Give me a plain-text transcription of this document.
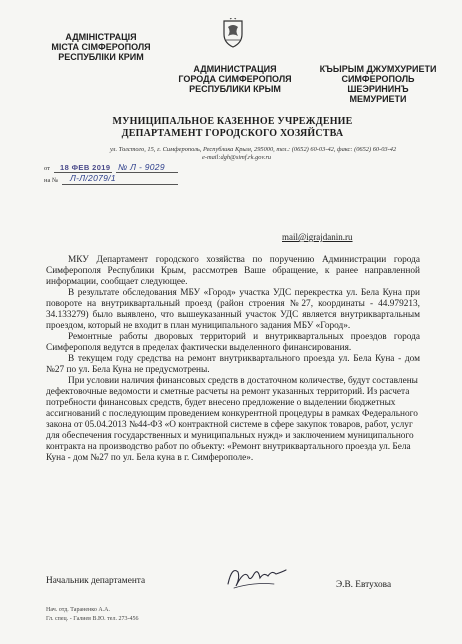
АДМІНІСТРАЦІЯ
МІСТА СІМФЕРОПОЛЯ
РЕСПУБЛІКИ КРИМ
АДМИНИСТРАЦИЯ
ГОРОДА СИМФЕРОПОЛЯ
РЕСПУБЛИКИ КРЫМ
КЪЫРЫМ ДЖУМХУРИЕТИ
СИМФЕРОПОЛЬ
ШЕЭРИНИНЪ
МЕМУРИЕТИ
МУНИЦИПАЛЬНОЕ КАЗЕННОЕ УЧРЕЖДЕНИЕ
ДЕПАРТАМЕНТ ГОРОДСКОГО ХОЗЯЙСТВА
ул. Толстого, 15, г. Симферополь, Республика Крым, 295000, тел.: (0652) 60-03-42, факс: (0652) 60-03-42
e-mail:dgh@simf.rk.gov.ru
от
на №
18 ФЕВ 2019 № Л - 9029
Л-Л/2079/1
mail@igrajdanin.ru

МКУ Департамент городского хозяйства по поручению Администрации города Симферополя Республики Крым, рассмотрев Ваше обращение, к ранее направленной информации, сообщает следующее.

В результате обследования МБУ «Город» участка УДС перекрестка ул. Бела Куна при повороте на внутриквартальный проезд (район строения №27, координаты - 44.979213, 34.133279) было выявлено, что вышеуказанный участок УДС является внутриквартальным проездом, который не входит в план муниципального задания МБУ «Город».

Ремонтные работы дворовых территорий и внутриквартальных проездов города Симферополя ведутся в пределах фактически выделенного финансирования.

В текущем году средства на ремонт внутриквартального проезда ул. Бела Куна - дом №27 по ул. Бела Куна не предусмотрены.

При условии наличия финансовых средств в достаточном количестве, будут составлены дефектовочные ведомости и сметные расчеты на ремонт указанных территорий. Из расчета потребности финансовых средств, будет внесено предложение о выделении бюджетных ассигнований с последующим проведением конкурентной процедуры в рамках Федерального закона от 05.04.2013 №44-ФЗ «О контрактной системе в сфере закупок товаров, работ, услуг для обеспечения государственных и муниципальных нужд» и заключением муниципального контракта на производство работ по объекту: «Ремонт внутриквартального проезда ул. Бела Куна - дом №27 по ул. Бела куна в г. Симферополе».

Начальник департамента	Э.В. Евтухова
Нач. отд. Тараненко А.А.
Гл. спец. - Галиев В.Ю. тел. 273-456
